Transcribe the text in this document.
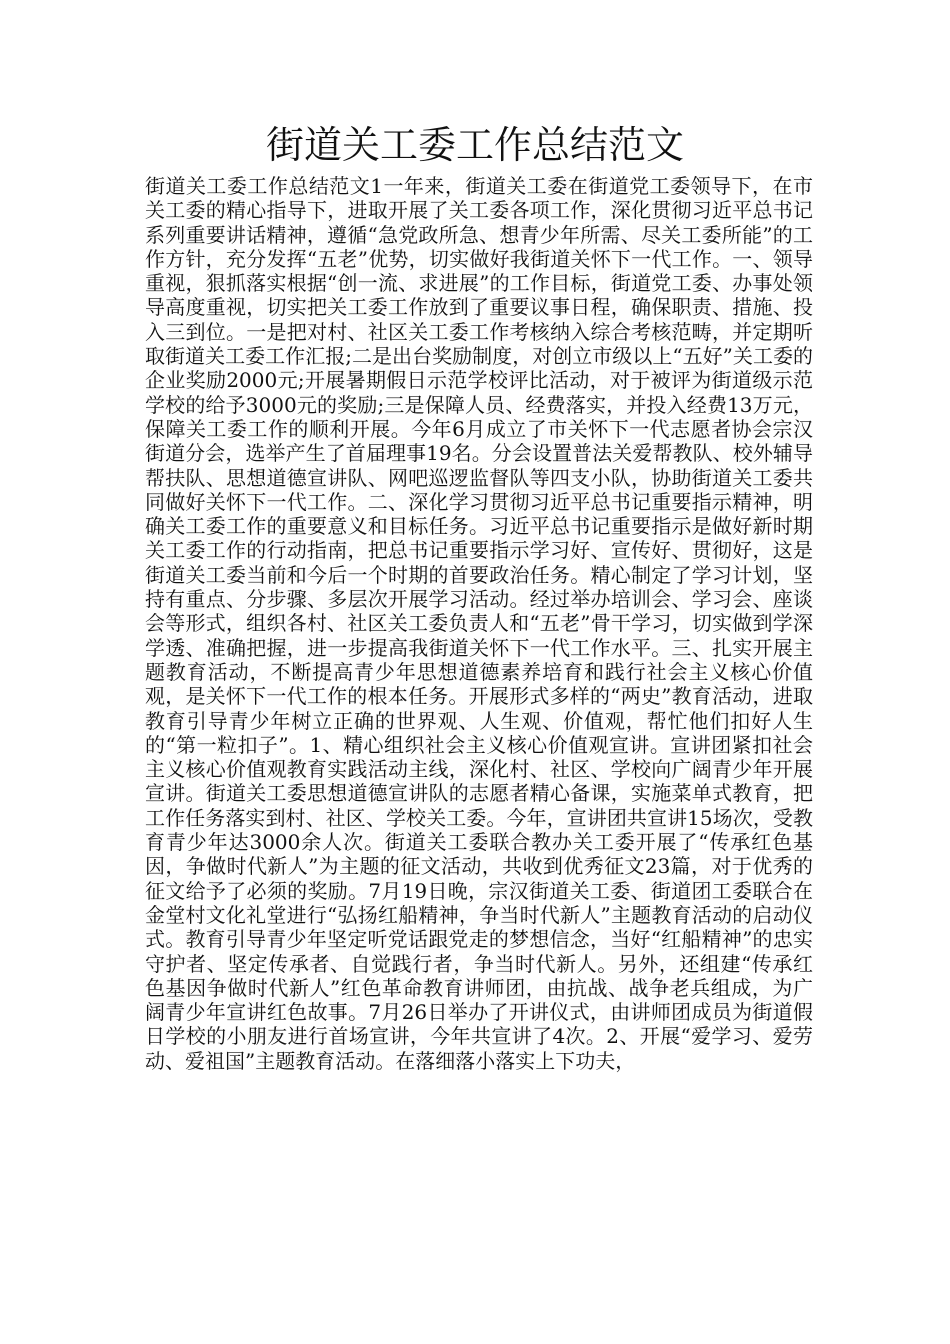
街道关工委工作总结范文

街道关工委工作总结范文1一年来，街道关工委在街道党工委领导下，在市关工委的精心指导下，进取开展了关工委各项工作，深化贯彻习近平总书记系列重要讲话精神，遵循“急党政所急、想青少年所需、尽关工委所能”的工作方针，充分发挥“五老”优势，切实做好我街道关怀下一代工作。一、领导重视，狠抓落实根据“创一流、求进展”的工作目标，街道党工委、办事处领导高度重视，切实把关工委工作放到了重要议事日程，确保职责、措施、投入三到位。一是把对村、社区关工委工作考核纳入综合考核范畴，并定期听取街道关工委工作汇报;二是出台奖励制度，对创立市级以上“五好”关工委的企业奖励2000元;开展暑期假日示范学校评比活动，对于被评为街道级示范学校的给予3000元的奖励;三是保障人员、经费落实，并投入经费13万元，保障关工委工作的顺利开展。今年6月成立了市关怀下一代志愿者协会宗汉街道分会，选举产生了首届理事19名。分会设置普法关爱帮教队、校外辅导帮扶队、思想道德宣讲队、网吧巡逻监督队等四支小队，协助街道关工委共同做好关怀下一代工作。二、深化学习贯彻习近平总书记重要指示精神，明确关工委工作的重要意义和目标任务。习近平总书记重要指示是做好新时期关工委工作的行动指南，把总书记重要指示学习好、宣传好、贯彻好，这是街道关工委当前和今后一个时期的首要政治任务。精心制定了学习计划，坚持有重点、分步骤、多层次开展学习活动。经过举办培训会、学习会、座谈会等形式，组织各村、社区关工委负责人和“五老”骨干学习，切实做到学深学透、准确把握，进一步提高我街道关怀下一代工作水平。三、扎实开展主题教育活动，不断提高青少年思想道德素养培育和践行社会主义核心价值观，是关怀下一代工作的根本任务。开展形式多样的“两史”教育活动，进取教育引导青少年树立正确的世界观、人生观、价值观，帮忙他们扣好人生的“第一粒扣子”。1、精心组织社会主义核心价值观宣讲。宣讲团紧扣社会主义核心价值观教育实践活动主线，深化村、社区、学校向广阔青少年开展宣讲。街道关工委思想道德宣讲队的志愿者精心备课，实施菜单式教育，把工作任务落实到村、社区、学校关工委。今年，宣讲团共宣讲15场次，受教育青少年达3000余人次。街道关工委联合教办关工委开展了“传承红色基因，争做时代新人”为主题的征文活动，共收到优秀征文23篇，对于优秀的征文给予了必须的奖励。7月19日晚，宗汉街道关工委、街道团工委联合在金堂村文化礼堂进行“弘扬红船精神，争当时代新人”主题教育活动的启动仪式。教育引导青少年坚定听党话跟党走的梦想信念，当好“红船精神”的忠实守护者、坚定传承者、自觉践行者，争当时代新人。另外，还组建“传承红色基因争做时代新人”红色革命教育讲师团，由抗战、战争老兵组成，为广阔青少年宣讲红色故事。7月26日举办了开讲仪式，由讲师团成员为街道假日学校的小朋友进行首场宣讲，今年共宣讲了4次。2、开展“爱学习、爱劳动、爱祖国”主题教育活动。在落细落小落实上下功夫，
